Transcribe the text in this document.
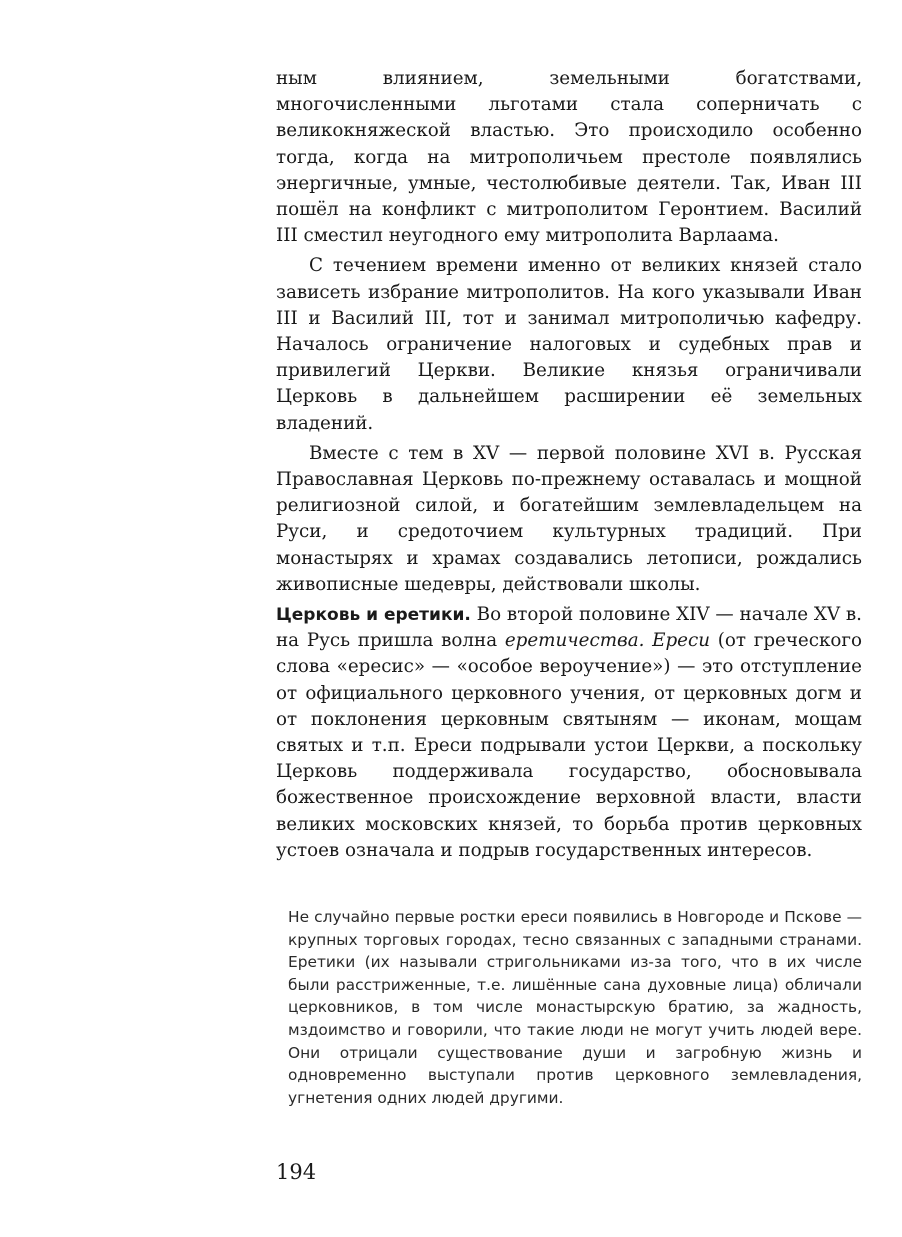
ным влиянием, земельными богатствами, многочисленными льготами стала соперничать с великокняжеской властью. Это происходило особенно тогда, когда на митрополичьем престоле появлялись энергичные, умные, честолюбивые деятели. Так, Иван III пошёл на конфликт с митрополитом Геронтием. Василий III сместил неугодного ему митрополита Варлаама.

С течением времени именно от великих князей стало зависеть избрание митрополитов. На кого указывали Иван III и Василий III, тот и занимал митрополичью кафедру. Началось ограничение налоговых и судебных прав и привилегий Церкви. Великие князья ограничивали Церковь в дальнейшем расширении её земельных владений.

Вместе с тем в XV — первой половине XVI в. Русская Православная Церковь по-прежнему оставалась и мощной религиозной силой, и богатейшим землевладельцем на Руси, и средоточием культурных традиций. При монастырях и храмах создавались летописи, рождались живописные шедевры, действовали школы.

Церковь и еретики. Во второй половине XIV — начале XV в. на Русь пришла волна еретичества. Ереси (от греческого слова «ересис» — «особое вероучение») — это отступление от официального церковного учения, от церковных догм и от поклонения церковным святыням — иконам, мощам святых и т.п. Ереси подрывали устои Церкви, а поскольку Церковь поддерживала государство, обосновывала божественное происхождение верховной власти, власти великих московских князей, то борьба против церковных устоев означала и подрыв государственных интересов.

Не случайно первые ростки ереси появились в Новгороде и Пскове — крупных торговых городах, тесно связанных с западными странами. Еретики (их называли стригольниками из-за того, что в их числе были расстриженные, т.е. лишённые сана духовные лица) обличали церковников, в том числе монастырскую братию, за жадность, мздоимство и говорили, что такие люди не могут учить людей вере. Они отрицали существование души и загробную жизнь и одновременно выступали против церковного землевладения, угнетения одних людей другими.

194
